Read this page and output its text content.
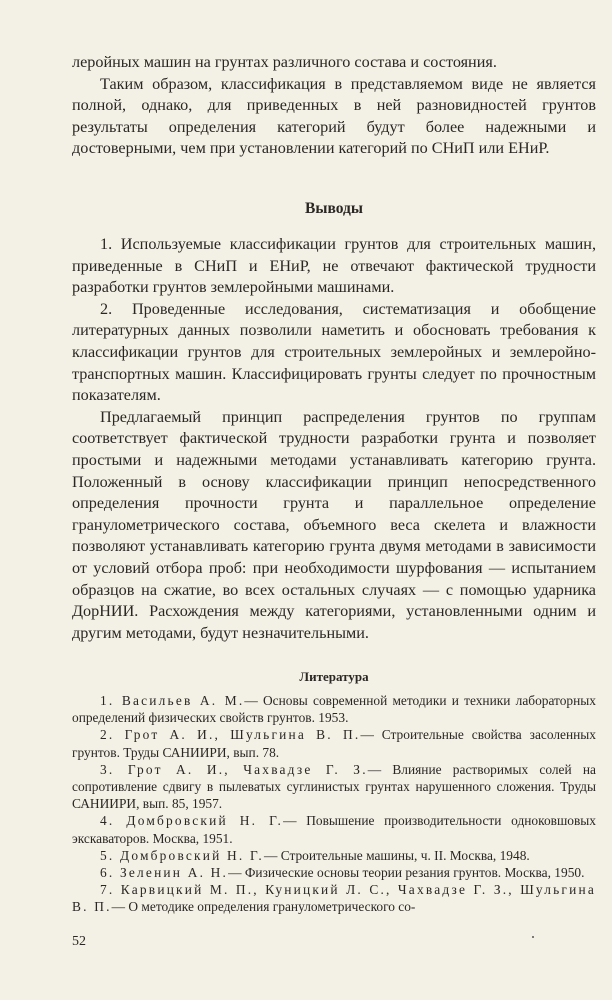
леройных машин на грунтах различного состава и состояния.

Таким образом, классификация в представляемом виде не является полной, однако, для приведенных в ней разновидностей грунтов результаты определения категорий будут более надежными и достоверными, чем при установлении категорий по СНиП или ЕНиР.

Выводы

1. Используемые классификации грунтов для строительных машин, приведенные в СНиП и ЕНиР, не отвечают фактической трудности разработки грунтов землеройными машинами.

2. Проведенные исследования, систематизация и обобщение литературных данных позволили наметить и обосновать требования к классификации грунтов для строительных землеройных и землеройно-транспортных машин. Классифицировать грунты следует по прочностным показателям.

Предлагаемый принцип распределения грунтов по группам соответствует фактической трудности разработки грунта и позволяет простыми и надежными методами устанавливать категорию грунта. Положенный в основу классификации принцип непосредственного определения прочности грунта и параллельное определение гранулометрического состава, объемного веса скелета и влажности позволяют устанавливать категорию грунта двумя методами в зависимости от условий отбора проб: при необходимости шурфования — испытанием образцов на сжатие, во всех остальных случаях — с помощью ударника ДорНИИ. Расхождения между категориями, установленными одним и другим методами, будут незначительными.

Литература

1. Васильев А. М.— Основы современной методики и техники лабораторных определений физических свойств грунтов. 1953.

2. Грот А. И., Шульгина В. П.— Строительные свойства засоленных грунтов. Труды САНИИРИ, вып. 78.

3. Грот А. И., Чахвадзе Г. З.— Влияние растворимых солей на сопротивление сдвигу в пылеватых суглинистых грунтах нарушенного сложения. Труды САНИИРИ, вып. 85, 1957.

4. Домбровский Н. Г.— Повышение производительности одноковшовых экскаваторов. Москва, 1951.

5. Домбровский Н. Г.— Строительные машины, ч. II. Москва, 1948.

6. Зеленин А. Н.— Физические основы теории резания грунтов. Москва, 1950.

7. Карвицкий М. П., Куницкий Л. С., Чахвадзе Г. З., Шульгина В. П.— О методике определения гранулометрического со-

52
